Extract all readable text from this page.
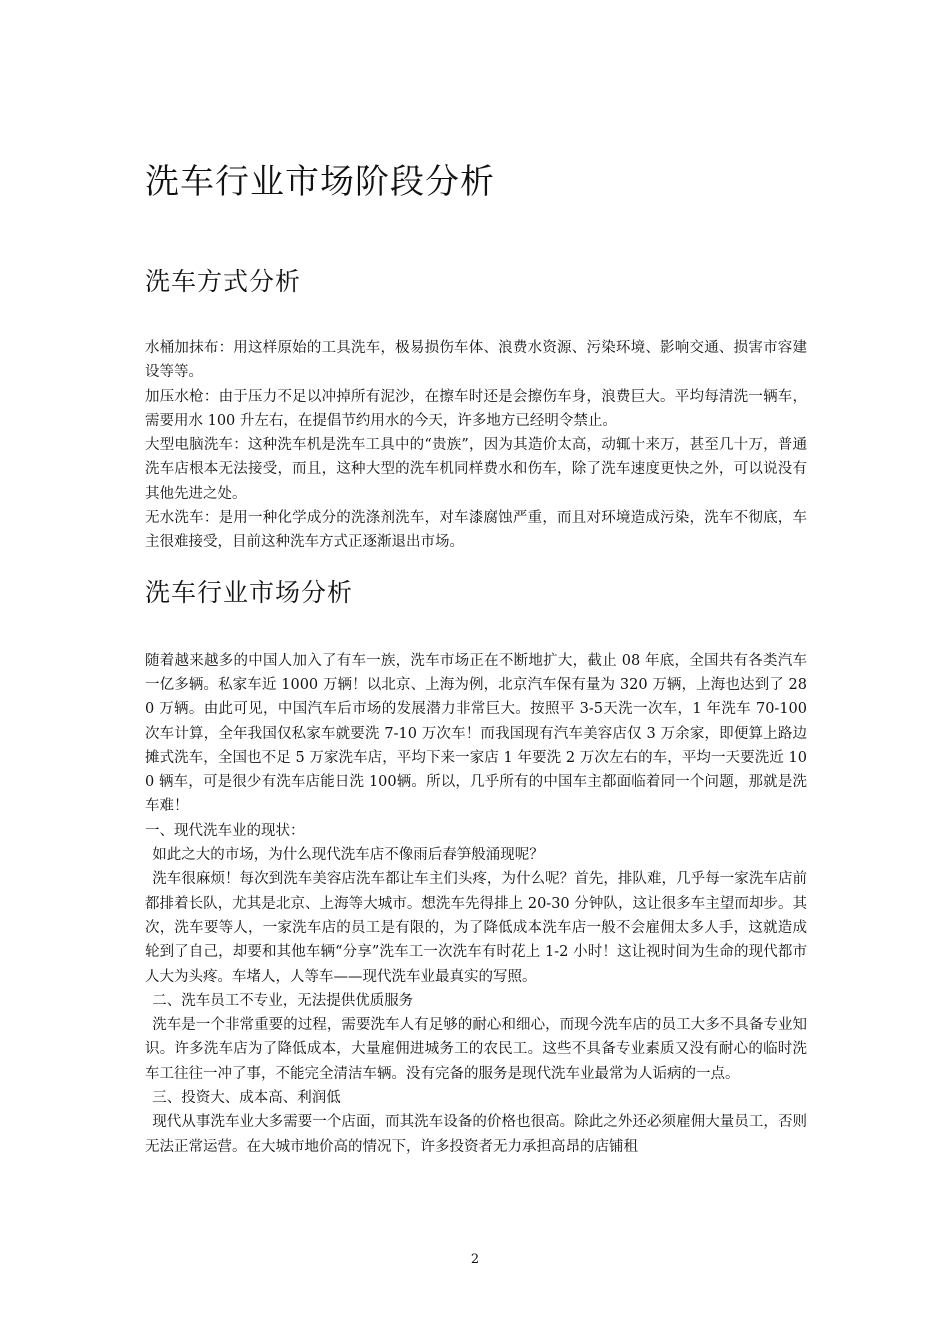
洗车行业市场阶段分析
洗车方式分析

水桶加抹布：用这样原始的工具洗车，极易损伤车体、浪费水资源、污染环境、影响交通、损害市容建设等等。

加压水枪：由于压力不足以冲掉所有泥沙，在擦车时还是会擦伤车身，浪费巨大。平均每清洗一辆车，需要用水 100 升左右，在提倡节约用水的今天，许多地方已经明令禁止。

大型电脑洗车：这种洗车机是洗车工具中的“贵族”，因为其造价太高，动辄十来万，甚至几十万，普通洗车店根本无法接受，而且，这种大型的洗车机同样费水和伤车，除了洗车速度更快之外，可以说没有其他先进之处。

无水洗车：是用一种化学成分的洗涤剂洗车，对车漆腐蚀严重，而且对环境造成污染，洗车不彻底，车主很难接受，目前这种洗车方式正逐渐退出市场。

洗车行业市场分析

随着越来越多的中国人加入了有车一族，洗车市场正在不断地扩大，截止 08 年底，全国共有各类汽车一亿多辆。私家车近 1000 万辆！以北京、上海为例，北京汽车保有量为 320 万辆，上海也达到了 280 万辆。由此可见，中国汽车后市场的发展潜力非常巨大。按照平 3-5天洗一次车，1 年洗车 70-100 次车计算，全年我国仅私家车就要洗 7-10 万次车！而我国现有汽车美容店仅 3 万余家，即便算上路边摊式洗车，全国也不足 5 万家洗车店，平均下来一家店 1 年要洗 2 万次左右的车，平均一天要洗近 100 辆车，可是很少有洗车店能日洗 100辆。所以，几乎所有的中国车主都面临着同一个问题，那就是洗车难！

一、现代洗车业的现状：

如此之大的市场，为什么现代洗车店不像雨后春笋般涌现呢？

洗车很麻烦！每次到洗车美容店洗车都让车主们头疼，为什么呢？首先，排队难，几乎每一家洗车店前都排着长队，尤其是北京、上海等大城市。想洗车先得排上 20-30 分钟队，这让很多车主望而却步。其次，洗车要等人，一家洗车店的员工是有限的，为了降低成本洗车店一般不会雇佣太多人手，这就造成轮到了自己，却要和其他车辆“分享”洗车工一次洗车有时花上 1-2 小时！这让视时间为生命的现代都市人大为头疼。车堵人，人等车——现代洗车业最真实的写照。

二、洗车员工不专业，无法提供优质服务

洗车是一个非常重要的过程，需要洗车人有足够的耐心和细心，而现今洗车店的员工大多不具备专业知识。许多洗车店为了降低成本，大量雇佣进城务工的农民工。这些不具备专业素质又没有耐心的临时洗车工往往一冲了事，不能完全清洁车辆。没有完备的服务是现代洗车业最常为人诟病的一点。

三、投资大、成本高、利润低

现代从事洗车业大多需要一个店面，而其洗车设备的价格也很高。除此之外还必须雇佣大量员工，否则无法正常运营。在大城市地价高的情况下，许多投资者无力承担高昂的店铺租

2
